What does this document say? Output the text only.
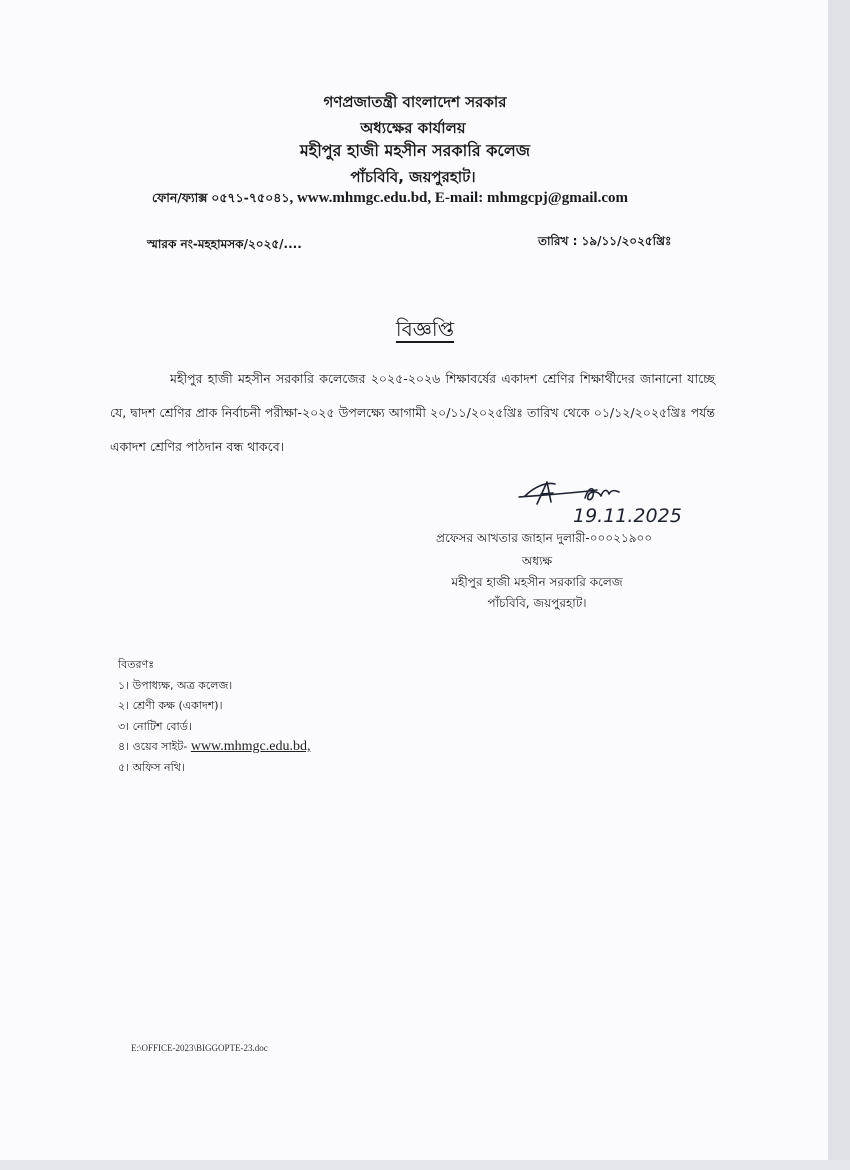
গণপ্রজাতন্ত্রী বাংলাদেশ সরকার
অধ্যক্ষের কার্যালয়
মহীপুর হাজী মহসীন সরকারি কলেজ
পাঁচবিবি, জয়পুরহাট।
ফোন/ফ্যাক্স ০৫৭১-৭৫০৪১, www.mhmgc.edu.bd, E-mail: mhmgcpj@gmail.com
স্মারক নং-মহহামসক/২০২৫/....	তারিখ : ১৯/১১/২০২৫খ্রিঃ
বিজ্ঞপ্তি

মহীপুর হাজী মহসীন সরকারি কলেজের ২০২৫-২০২৬ শিক্ষাবর্ষের একাদশ শ্রেণির শিক্ষার্থীদের জানানো যাচ্ছে যে, দ্বাদশ শ্রেণির প্রাক নির্বাচনী পরীক্ষা-২০২৫ উপলক্ষ্যে আগামী ২০/১১/২০২৫খ্রিঃ তারিখ থেকে ০১/১২/২০২৫খ্রিঃ পর্যন্ত একাদশ শ্রেণির পাঠদান বন্ধ থাকবে।

19.11.2025
প্রফেসর আখতার জাহান দুলারী-০০০২১৯০০
অধ্যক্ষ
মহীপুর হাজী মহসীন সরকারি কলেজ
পাঁচবিবি, জয়পুরহাট।
বিতরণঃ
১। উপাধ্যক্ষ, অত্র কলেজ।
২। শ্রেণী কক্ষ (একাদশ)।
৩। নোটিশ বোর্ড।
৪। ওয়েব সাইট- www.mhmgc.edu.bd,
৫। অফিস নথি।
E:\OFFICE-2023\BIGGOPTE-23.doc
